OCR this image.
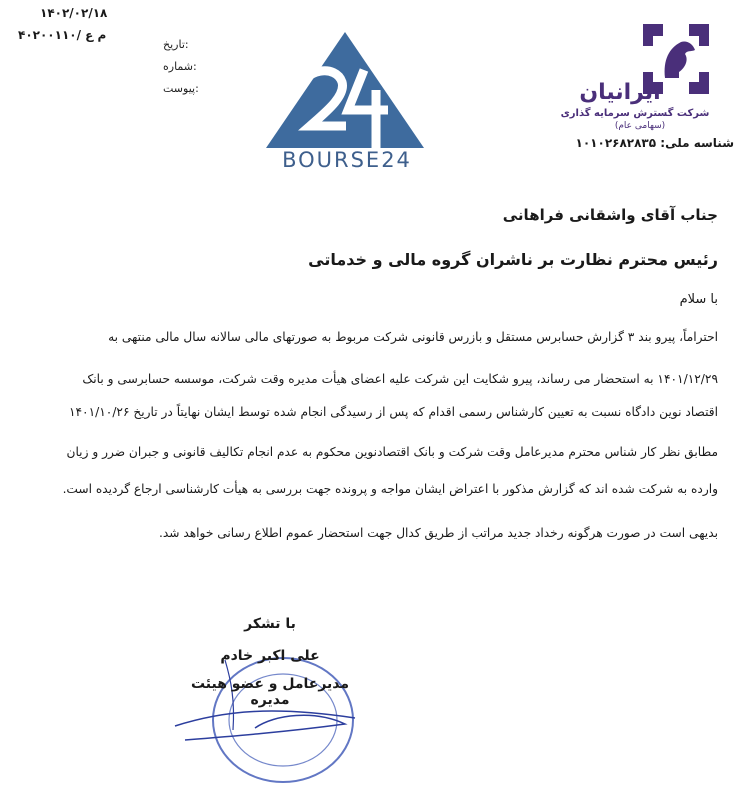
۱۴۰۲/۰۲/۱۸
۴۰۲۰۰۱۱۰/ م ع
تاریخ:
شماره:
پیوست:
BOURSE24
ایرانیان
شرکت گسترش سرمایه گذاری
(سهامی عام)
شناسه ملی: ۱۰۱۰۲۶۸۲۸۳۵
جناب آقای واشقانی فراهانی
رئیس محترم نظارت بر ناشران گروه مالی و خدماتی
با سلام
احتراماً، پیرو بند ۳ گزارش حسابرس مستقل و بازرس قانونی شرکت مربوط به صورتهای مالی سالانه سال مالی منتهی به
۱۴۰۱/۱۲/۲۹ به استحضار می رساند، پیرو شکایت این شرکت علیه اعضای هیأت مدیره وقت شرکت، موسسه حسابرسی و بانک
اقتصاد نوین دادگاه نسبت به تعیین کارشناس رسمی اقدام که پس از رسیدگی انجام شده توسط ایشان نهایتاً در تاریخ ۱۴۰۱/۱۰/۲۶
مطابق نظر کار شناس محترم مدیرعامل وقت شرکت و بانک اقتصادنوین محکوم به عدم انجام تکالیف قانونی و جبران ضرر و زیان
وارده به شرکت شده اند که گزارش مذکور با اعتراض ایشان مواجه و پرونده جهت بررسی به هیأت کارشناسی ارجاع گردیده است.
بدیهی است در صورت هرگونه رخداد جدید مراتب از طریق کدال جهت استحضار عموم اطلاع رسانی خواهد شد.
با تشکر
علی اکبر خادم
مدیرعامل و عضو هیئت مدیره
